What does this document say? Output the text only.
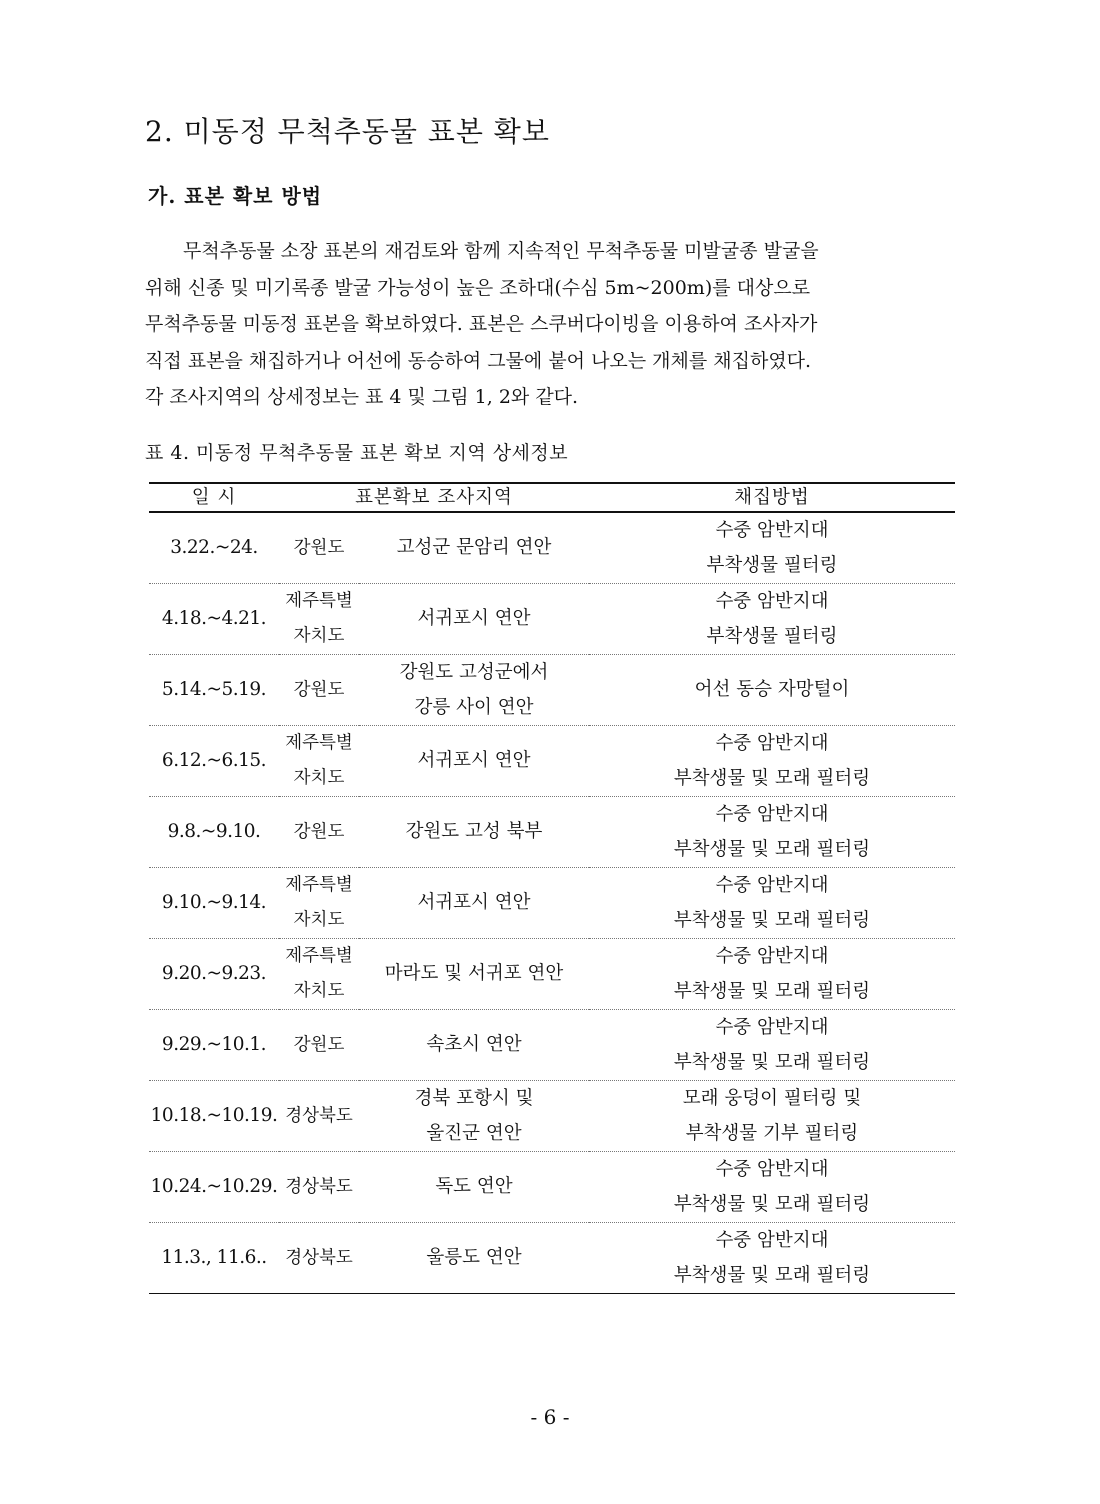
2. 미동정 무척추동물 표본 확보
가. 표본 확보 방법
무척추동물 소장 표본의 재검토와 함께 지속적인 무척추동물 미발굴종 발굴을
위해 신종 및 미기록종 발굴 가능성이 높은 조하대(수심 5m~200m)를 대상으로
무척추동물 미동정 표본을 확보하였다. 표본은 스쿠버다이빙을 이용하여 조사자가
직접 표본을 채집하거나 어선에 동승하여 그물에 붙어 나오는 개체를 채집하였다.
각 조사지역의 상세정보는 표 4 및 그림 1, 2와 같다.
표 4. 미동정 무척추동물 표본 확보 지역 상세정보
일 시	표본확보 조사지역		채집방법

3.22.~24.	강원도	고성군 문암리 연안	수중 암반지대
부착생물 필터링

4.18.~4.21.	제주특별
자치도	서귀포시 연안	수중 암반지대
부착생물 필터링

5.14.~5.19.	강원도	강원도 고성군에서
강릉 사이 연안	어선 동승 자망털이

6.12.~6.15.	제주특별
자치도	서귀포시 연안	수중 암반지대
부착생물 및 모래 필터링

9.8.~9.10.	강원도	강원도 고성 북부	수중 암반지대
부착생물 및 모래 필터링

9.10.~9.14.	제주특별
자치도	서귀포시 연안	수중 암반지대
부착생물 및 모래 필터링

9.20.~9.23.	제주특별
자치도	마라도 및 서귀포 연안	수중 암반지대
부착생물 및 모래 필터링

9.29.~10.1.	강원도	속초시 연안	수중 암반지대
부착생물 및 모래 필터링

10.18.~10.19.	경상북도	경북 포항시 및
울진군 연안	모래 웅덩이 필터링 및
부착생물 기부 필터링

10.24.~10.29.	경상북도	독도 연안	수중 암반지대
부착생물 및 모래 필터링

11.3., 11.6..	경상북도	울릉도 연안	수중 암반지대
부착생물 및 모래 필터링
- 6 -
